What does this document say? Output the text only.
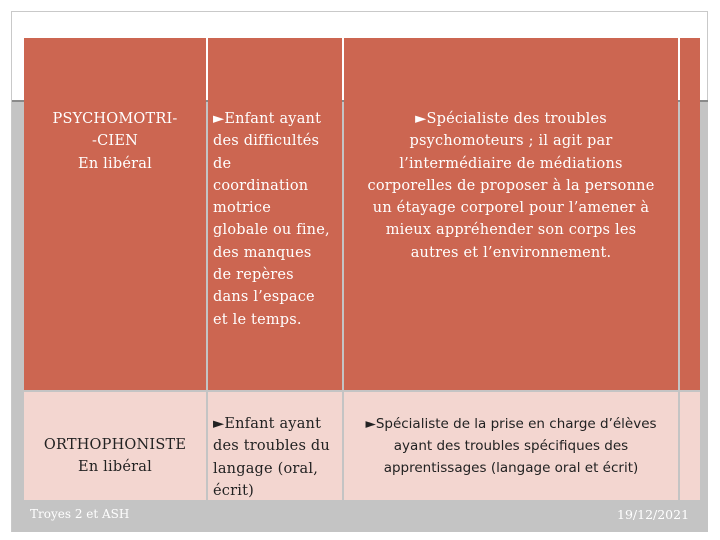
PSYCHOMOTRI-
-CIEN
En libéral
►Enfant ayant
des difficultés
de
coordination
motrice
globale ou fine,
des manques
de repères
dans l’espace
et le temps.
►Spécialiste des troubles
psychomoteurs ; il agit par
l’intermédiaire de médiations
corporelles de proposer à la personne
un étayage corporel pour l’amener à
mieux appréhender son corps les
autres et l’environnement.
ORTHOPHONISTE
En libéral
►Enfant ayant
des troubles du
langage (oral,
écrit)
►Spécialiste de la prise en charge d’élèves
ayant des troubles spécifiques des
apprentissages (langage oral et écrit)
Troyes 2 et ASH	19/12/2021
